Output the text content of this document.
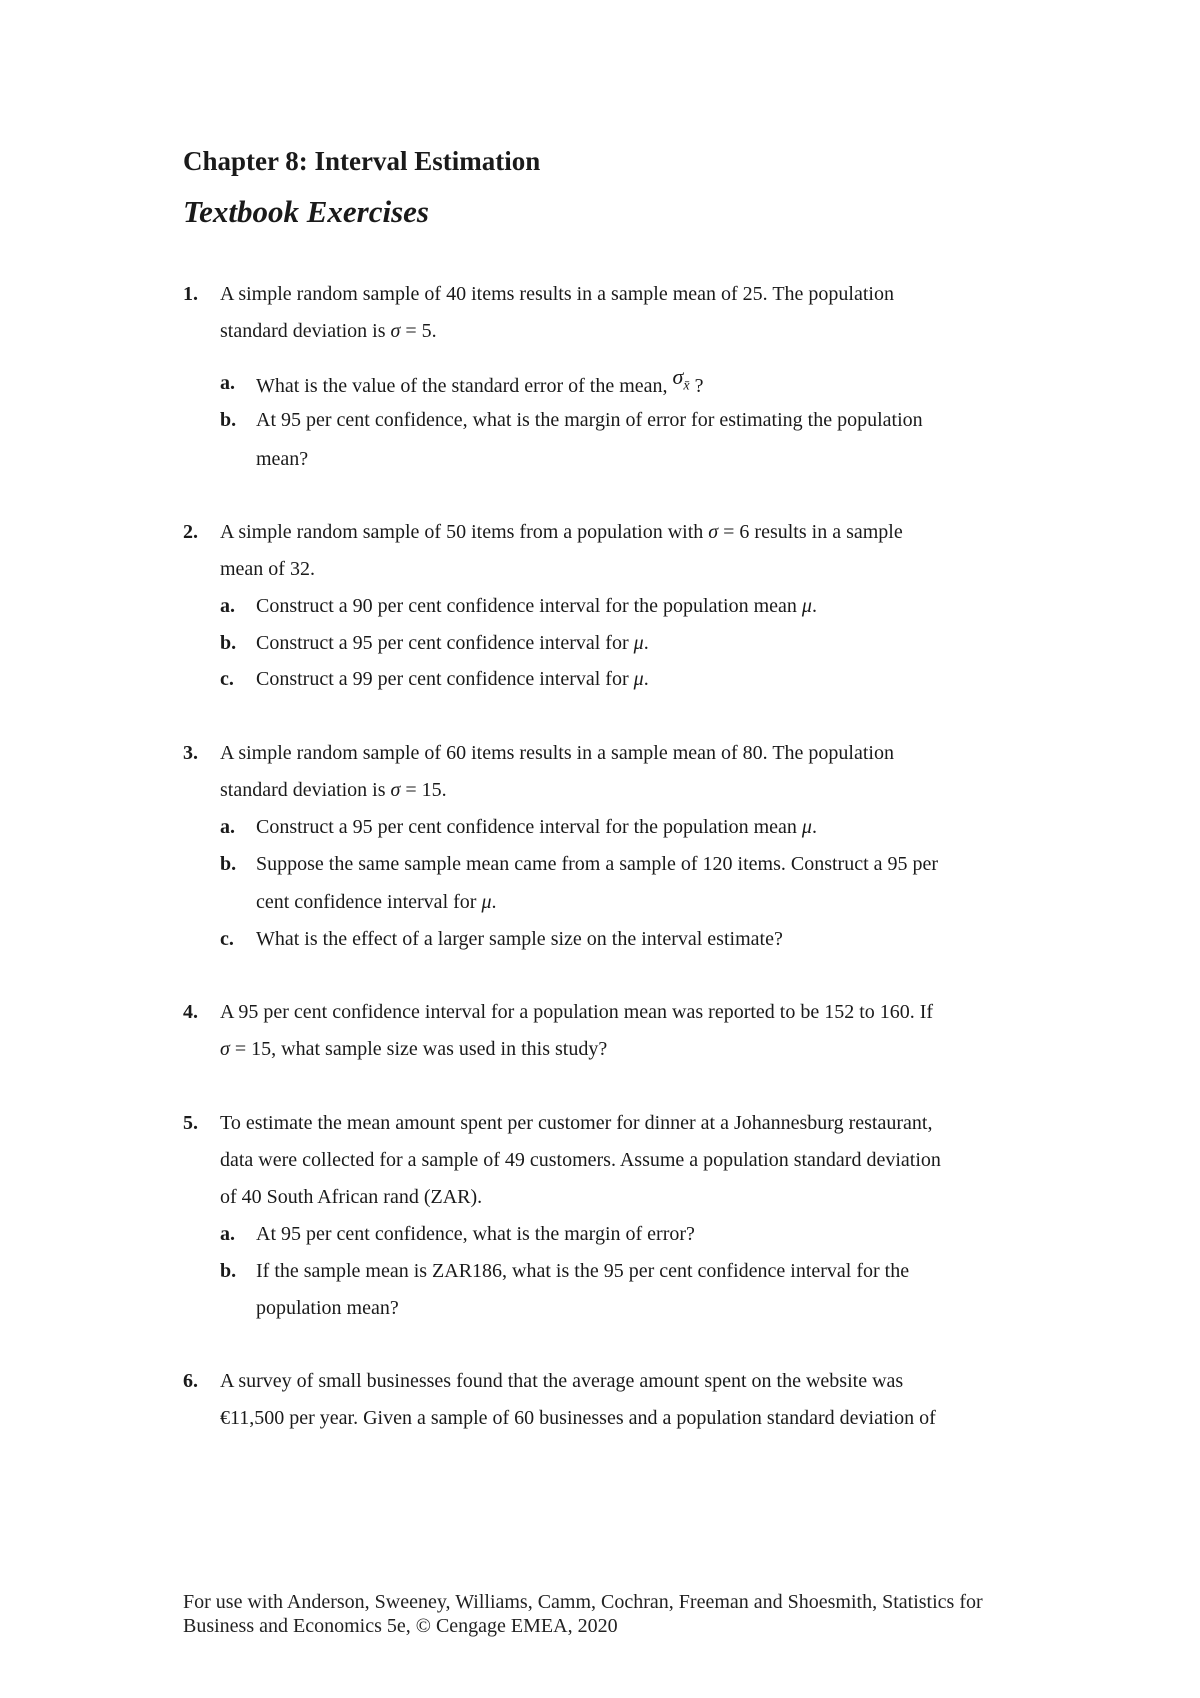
Chapter 8: Interval Estimation
Textbook Exercises
1. A simple random sample of 40 items results in a sample mean of 25. The population
standard deviation is σ = 5.
a. What is the value of the standard error of the mean, $\sigma_{x̄}$ ?
b. At 95 per cent confidence, what is the margin of error for estimating the population
mean?
2. A simple random sample of 50 items from a population with σ = 6 results in a sample
mean of 32.
a. Construct a 90 per cent confidence interval for the population mean μ.
b. Construct a 95 per cent confidence interval for μ.
c. Construct a 99 per cent confidence interval for μ.
3. A simple random sample of 60 items results in a sample mean of 80. The population
standard deviation is σ = 15.
a. Construct a 95 per cent confidence interval for the population mean μ.
b. Suppose the same sample mean came from a sample of 120 items. Construct a 95 per
cent confidence interval for μ.
c. What is the effect of a larger sample size on the interval estimate?
4. A 95 per cent confidence interval for a population mean was reported to be 152 to 160. If
σ = 15, what sample size was used in this study?
5. To estimate the mean amount spent per customer for dinner at a Johannesburg restaurant,
data were collected for a sample of 49 customers. Assume a population standard deviation
of 40 South African rand (ZAR).
a. At 95 per cent confidence, what is the margin of error?
b. If the sample mean is ZAR186, what is the 95 per cent confidence interval for the
population mean?
6. A survey of small businesses found that the average amount spent on the website was
€11,500 per year. Given a sample of 60 businesses and a population standard deviation of
For use with Anderson, Sweeney, Williams, Camm, Cochran, Freeman and Shoesmith, Statistics for
Business and Economics 5e, © Cengage EMEA, 2020
